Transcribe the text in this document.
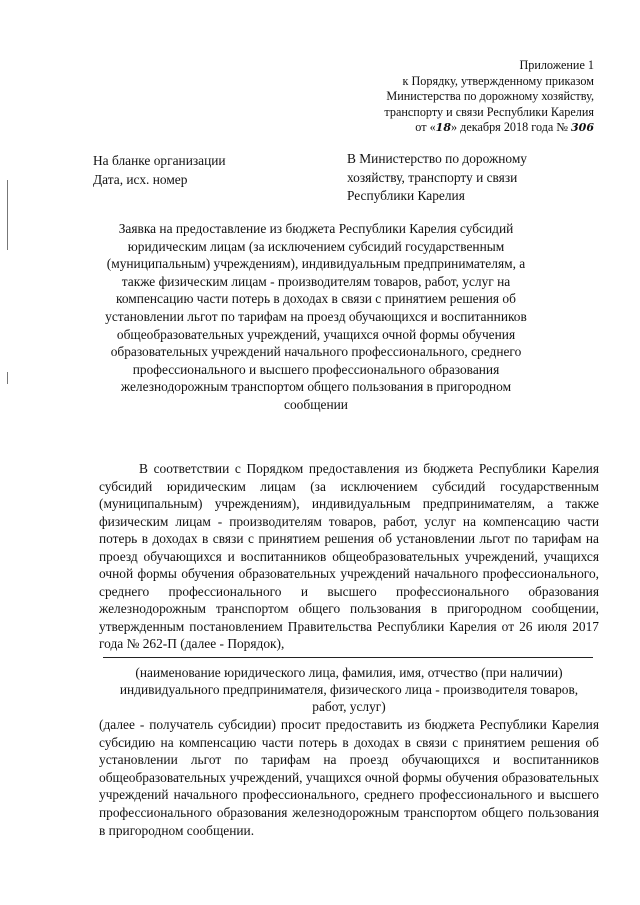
Приложение 1
к Порядку, утвержденному приказом
Министерства по дорожному хозяйству,
транспорту и связи Республики Карелия
от «18» декабря 2018 года № 306
На бланке организации
Дата, исх. номер
В Министерство по дорожному хозяйству, транспорту и связи Республики Карелия
Заявка на предоставление из бюджета Республики Карелия субсидий юридическим лицам (за исключением субсидий государственным (муниципальным) учреждениям), индивидуальным предпринимателям, а также физическим лицам - производителям товаров, работ, услуг на компенсацию части потерь в доходах в связи с принятием решения об установлении льгот по тарифам на проезд обучающихся и воспитанников общеобразовательных учреждений, учащихся очной формы обучения образовательных учреждений начального профессионального, среднего профессионального и высшего профессионального образования железнодорожным транспортом общего пользования в пригородном сообщении
В соответствии с Порядком предоставления из бюджета Республики Карелия субсидий юридическим лицам (за исключением субсидий государственным (муниципальным) учреждениям), индивидуальным предпринимателям, а также физическим лицам - производителям товаров, работ, услуг на компенсацию части потерь в доходах в связи с принятием решения об установлении льгот по тарифам на проезд обучающихся и воспитанников общеобразовательных учреждений, учащихся очной формы обучения образовательных учреждений начального профессионального, среднего профессионального и высшего профессионального образования железнодорожным транспортом общего пользования в пригородном сообщении, утвержденным постановлением Правительства Республики Карелия от 26 июля 2017 года № 262-П (далее - Порядок),
(наименование юридического лица, фамилия, имя, отчество (при наличии) индивидуального предпринимателя, физического лица - производителя товаров, работ, услуг)
(далее - получатель субсидии) просит предоставить из бюджета Республики Карелия субсидию на компенсацию части потерь в доходах в связи с принятием решения об установлении льгот по тарифам на проезд обучающихся и воспитанников общеобразовательных учреждений, учащихся очной формы обучения образовательных учреждений начального профессионального, среднего профессионального и высшего профессионального образования железнодорожным транспортом общего пользования в пригородном сообщении.
